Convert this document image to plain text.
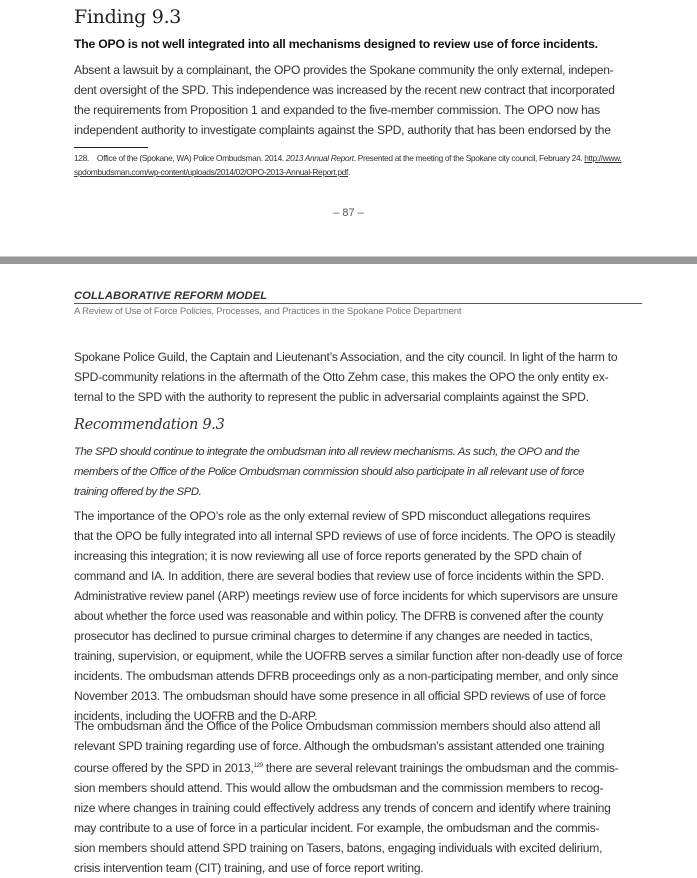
Finding 9.3
The OPO is not well integrated into all mechanisms designed to review use of force incidents.
Absent a lawsuit by a complainant, the OPO provides the Spokane community the only external, indepen-
dent oversight of the SPD. This independence was increased by the recent new contract that incorporated
the requirements from Proposition 1 and expanded to the five-member commission. The OPO now has
independent authority to investigate complaints against the SPD, authority that has been endorsed by the
128. Office of the (Spokane, WA) Police Ombudsman. 2014. 2013 Annual Report. Presented at the meeting of the Spokane city council, February 24. http://www.
spdombudsman.com/wp-content/uploads/2014/02/OPO-2013-Annual-Report.pdf.
– 87 –
COLLABORATIVE REFORM MODEL
A Review of Use of Force Policies, Processes, and Practices in the Spokane Police Department
Spokane Police Guild, the Captain and Lieutenant’s Association, and the city council. In light of the harm to
SPD-community relations in the aftermath of the Otto Zehm case, this makes the OPO the only entity ex-
ternal to the SPD with the authority to represent the public in adversarial complaints against the SPD.
Recommendation 9.3
The SPD should continue to integrate the ombudsman into all review mechanisms. As such, the OPO and the
members of the Office of the Police Ombudsman commission should also participate in all relevant use of force
training offered by the SPD.
The importance of the OPO’s role as the only external review of SPD misconduct allegations requires
that the OPO be fully integrated into all internal SPD reviews of use of force incidents. The OPO is steadily
increasing this integration; it is now reviewing all use of force reports generated by the SPD chain of
command and IA. In addition, there are several bodies that review use of force incidents within the SPD.
Administrative review panel (ARP) meetings review use of force incidents for which supervisors are unsure
about whether the force used was reasonable and within policy. The DFRB is convened after the county
prosecutor has declined to pursue criminal charges to determine if any changes are needed in tactics,
training, supervision, or equipment, while the UOFRB serves a similar function after non-deadly use of force
incidents. The ombudsman attends DFRB proceedings only as a non-participating member, and only since
November 2013. The ombudsman should have some presence in all official SPD reviews of use of force
incidents, including the UOFRB and the D-ARP.
The ombudsman and the Office of the Police Ombudsman commission members should also attend all
relevant SPD training regarding use of force. Although the ombudsman’s assistant attended one training
course offered by the SPD in 2013,$^{129}$ there are several relevant trainings the ombudsman and the commis-
sion members should attend. This would allow the ombudsman and the commission members to recog-
nize where changes in training could effectively address any trends of concern and identify where training
may contribute to a use of force in a particular incident. For example, the ombudsman and the commis-
sion members should attend SPD training on Tasers, batons, engaging individuals with excited delirium,
crisis intervention team (CIT) training, and use of force report writing.
